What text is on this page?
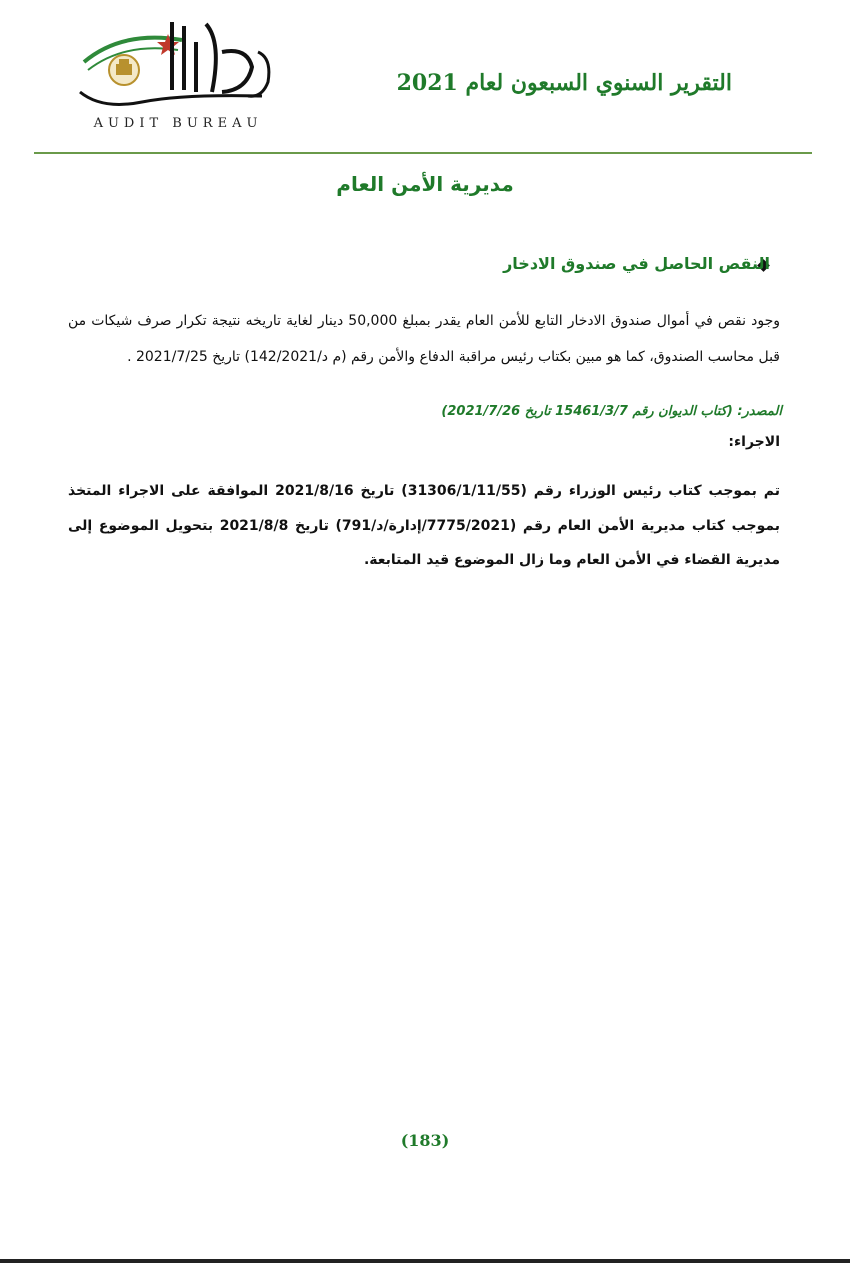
AUDIT BUREAU
التقرير السنوي السبعون لعام 2021
مديرية الأمن العام
النقص الحاصل في صندوق الادخار

وجود نقص في أموال صندوق الادخار التابع للأمن العام يقدر بمبلغ 50,000 دينار لغاية تاريخه نتيجة تكرار صرف شيكات من قبل محاسب الصندوق، كما هو مبين بكتاب رئيس مراقبة الدفاع والأمن رقم (م د/142/2021) تاريخ 2021/7/25 .

المصدر: (كتاب الديوان رقم 15461/3/7 تاريخ 2021/7/26)
الاجراء:

تم بموجب كتاب رئيس الوزراء رقم (31306/1/11/55) تاريخ 2021/8/16 الموافقة على الاجراء المتخذ بموجب كتاب مديرية الأمن العام رقم (7775/2021/إدارة/د/791) تاريخ 2021/8/8 بتحويل الموضوع إلى مديرية القضاء في الأمن العام وما زال الموضوع قيد المتابعة.

(183)
